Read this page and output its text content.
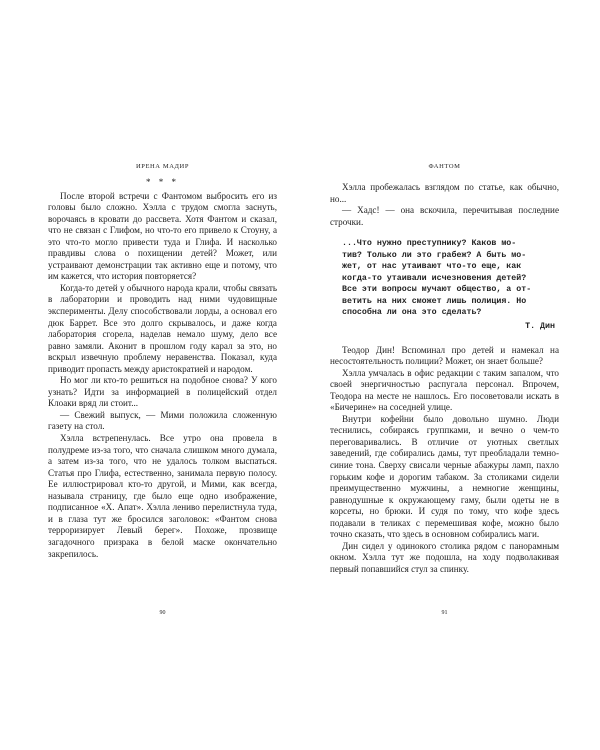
ИРЕНА МАДИР

* * *

После второй встречи с Фантомом выбросить его из головы было сложно. Хэлла с трудом смогла заснуть, ворочаясь в кровати до рассвета. Хотя Фантом и сказал, что не связан с Глифом, но что-то его привело к Стоуну, а это что-то могло привести туда и Глифа. И насколько правдивы слова о похищении детей? Может, или устраивают демонстрации так активно еще и потому, что им кажется, что история повторяется?

Когда-то детей у обычного народа крали, чтобы связать в лаборатории и проводить над ними чудовищные эксперименты. Делу способствовали лорды, а основал его дюк Баррет. Все это долго скрывалось, и даже когда лаборатория сгорела, наделав немало шуму, дело все равно замяли. Аконит в прошлом году карал за это, но вскрыл извечную проблему неравенства. Показал, куда приводит пропасть между аристократией и народом.

Но мог ли кто-то решиться на подобное снова? У кого узнать? Идти за информацией в полицейский отдел Клоаки вряд ли стоит...

— Свежий выпуск, — Мими положила сложенную газету на стол.

Хэлла встрепенулась. Все утро она провела в полудреме из-за того, что сначала слишком много думала, а затем из-за того, что не удалось толком выспаться. Статья про Глифа, естественно, занимала первую полосу. Ее иллюстрировал кто-то другой, и Мими, как всегда, называла страницу, где было еще одно изображение, подписанное «Х. Апат». Хэлла лениво перелистнула туда, и в глаза тут же бросился заголовок: «Фантом снова терроризирует Левый берег». Похоже, прозвище загадочного призрака в белой маске окончательно закрепилось.

90
ФАНТОМ

Хэлла пробежалась взглядом по статье, как обычно, но...

— Хадс! — она вскочила, перечитывая последние строчки.

...Что нужно преступнику? Каков мо-
тив? Только ли это грабеж? А быть мо-
жет, от нас утаивают что-то еще, как
когда-то утаивали исчезновения детей?
Все эти вопросы мучают общество, а от-
ветить на них сможет лишь полиция. Но
способна ли она это сделать?

Т. Дин

Теодор Дин! Вспоминал про детей и намекал на несостоятельность полиции? Может, он знает больше?

Хэлла умчалась в офис редакции с таким запалом, что своей энергичностью распугала персонал. Впрочем, Теодора на месте не нашлось. Его посоветовали искать в «Бичерине» на соседней улице.

Внутри кофейни было довольно шумно. Люди теснились, собираясь группками, и вечно о чем-то переговаривались. В отличие от уютных светлых заведений, где собирались дамы, тут преобладали темно-синие тона. Сверху свисали черные абажуры ламп, пахло горьким кофе и дорогим табаком. За столиками сидели преимущественно мужчины, а немногие женщины, равнодушные к окружающему гаму, были одеты не в корсеты, но брюки. И судя по тому, что кофе здесь подавали в теликах с перемешивая кофе, можно было точно сказать, что здесь в основном собирались маги.

Дин сидел у одинокого столика рядом с панорамным окном. Хэлла тут же подошла, на ходу подволакивая первый попавшийся стул за спинку.

91
